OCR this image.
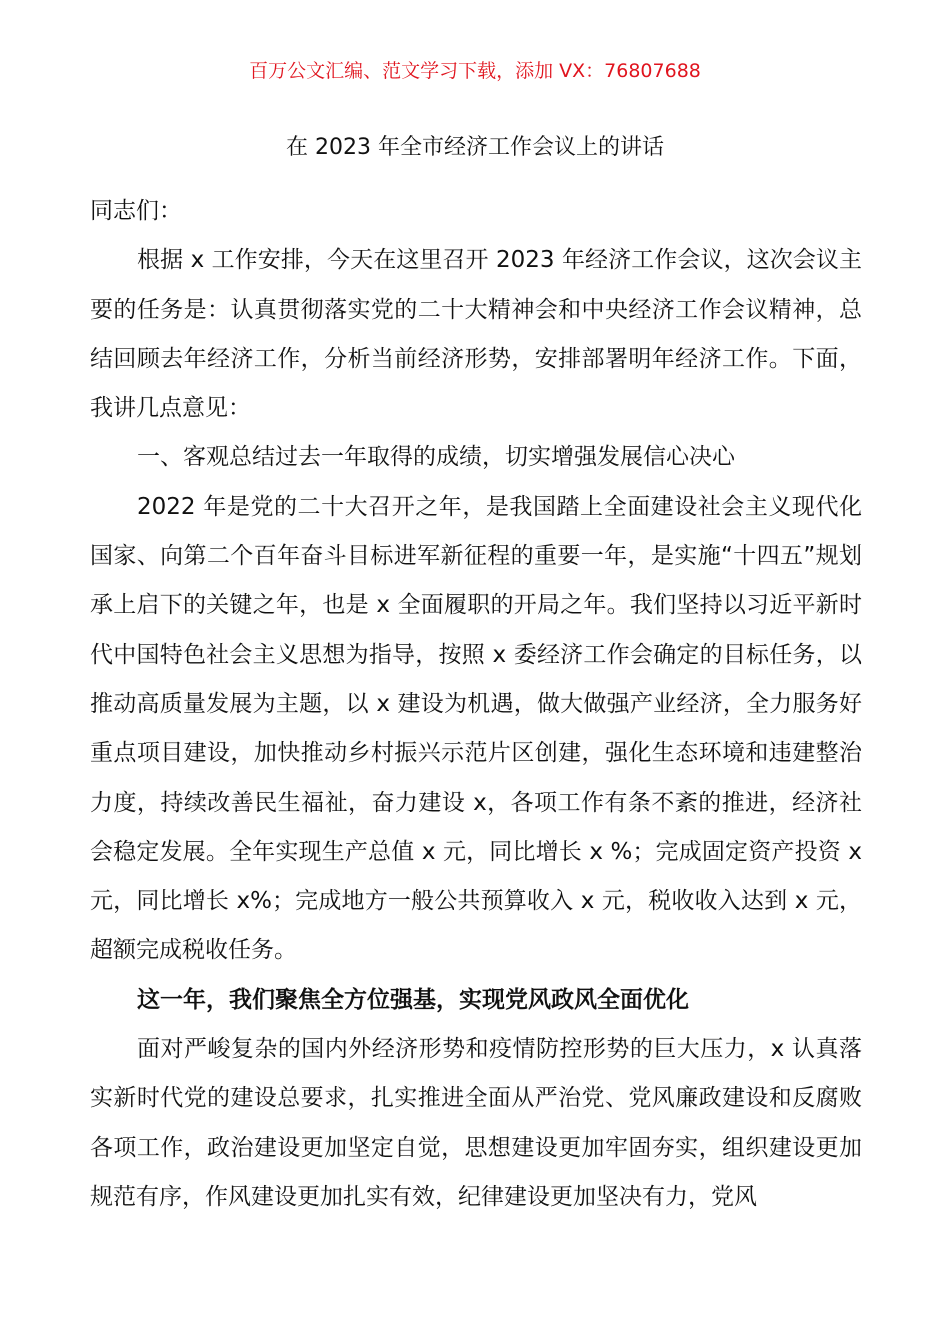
百万公文汇编、范文学习下载，添加 VX：76807688
在 2023 年全市经济工作会议上的讲话

同志们：

根据 x 工作安排，今天在这里召开 2023 年经济工作会议，这次会议主要的任务是：认真贯彻落实党的二十大精神会和中央经济工作会议精神，总结回顾去年经济工作，分析当前经济形势，安排部署明年经济工作。下面，我讲几点意见：

一、客观总结过去一年取得的成绩，切实增强发展信心决心

2022 年是党的二十大召开之年，是我国踏上全面建设社会主义现代化国家、向第二个百年奋斗目标进军新征程的重要一年，是实施“十四五”规划承上启下的关键之年，也是 x 全面履职的开局之年。我们坚持以习近平新时代中国特色社会主义思想为指导，按照 x 委经济工作会确定的目标任务，以推动高质量发展为主题，以 x 建设为机遇，做大做强产业经济，全力服务好重点项目建设，加快推动乡村振兴示范片区创建，强化生态环境和违建整治力度，持续改善民生福祉，奋力建设 x，各项工作有条不紊的推进，经济社会稳定发展。全年实现生产总值 x 元，同比增长 x %；完成固定资产投资 x 元，同比增长 x%；完成地方一般公共预算收入 x 元，税收收入达到 x 元，超额完成税收任务。

这一年，我们聚焦全方位强基，实现党风政风全面优化

面对严峻复杂的国内外经济形势和疫情防控形势的巨大压力，x 认真落实新时代党的建设总要求，扎实推进全面从严治党、党风廉政建设和反腐败各项工作，政治建设更加坚定自觉，思想建设更加牢固夯实，组织建设更加规范有序，作风建设更加扎实有效，纪律建设更加坚决有力，党风
